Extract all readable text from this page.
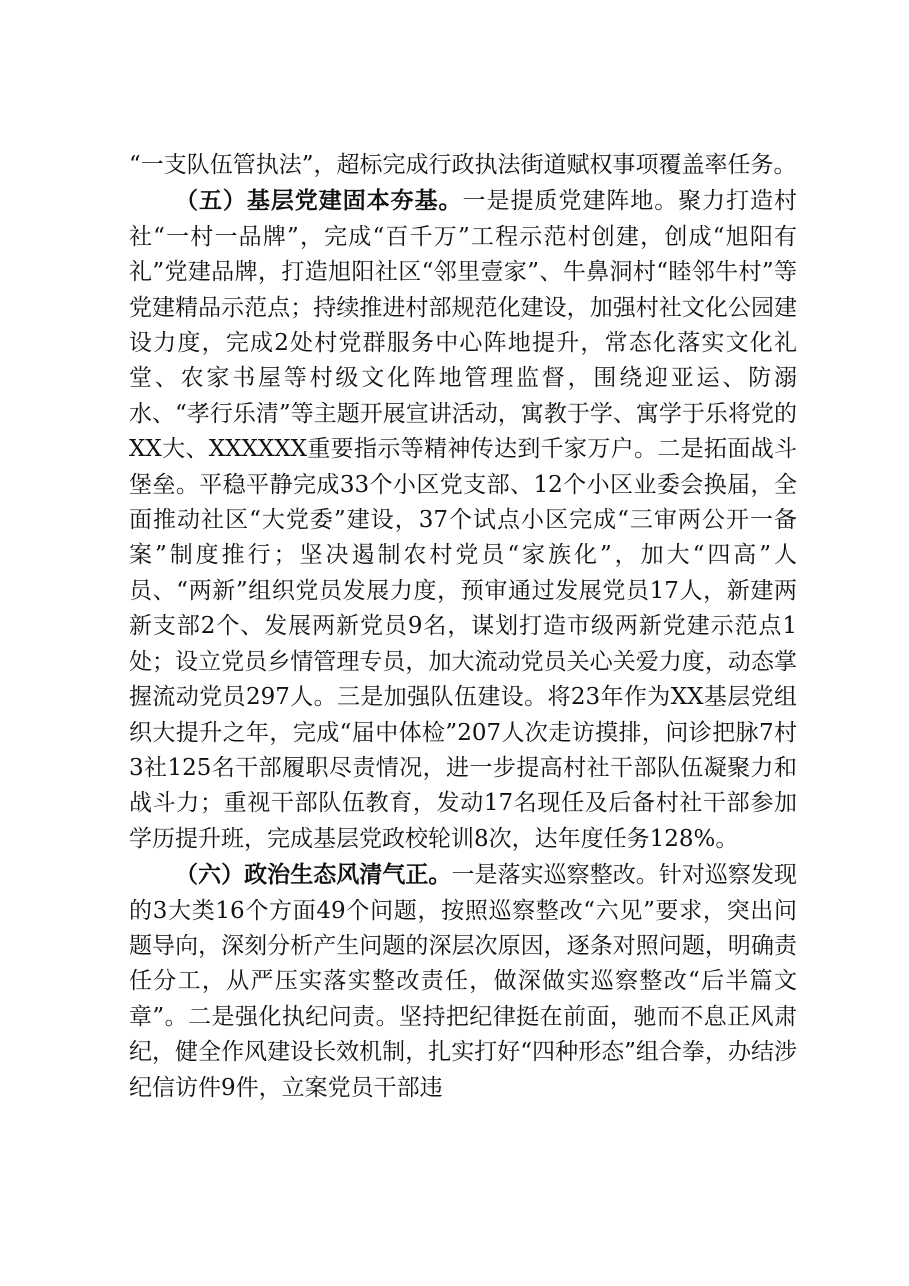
“一支队伍管执法”，超标完成行政执法街道赋权事项覆盖率任务。

（五）基层党建固本夯基。一是提质党建阵地。聚力打造村社“一村一品牌”，完成“百千万”工程示范村创建，创成“旭阳有礼”党建品牌，打造旭阳社区“邻里壹家”、牛鼻洞村“睦邻牛村”等党建精品示范点；持续推进村部规范化建设，加强村社文化公园建设力度，完成2处村党群服务中心阵地提升，常态化落实文化礼堂、农家书屋等村级文化阵地管理监督，围绕迎亚运、防溺水、“孝行乐清”等主题开展宣讲活动，寓教于学、寓学于乐将党的XX大、XXXXXX重要指示等精神传达到千家万户。二是拓面战斗堡垒。平稳平静完成33个小区党支部、12个小区业委会换届，全面推动社区“大党委”建设，37个试点小区完成“三审两公开一备案”制度推行；坚决遏制农村党员“家族化”，加大“四高”人员、“两新”组织党员发展力度，预审通过发展党员17人，新建两新支部2个、发展两新党员9名，谋划打造市级两新党建示范点1处；设立党员乡情管理专员，加大流动党员关心关爱力度，动态掌握流动党员297人。三是加强队伍建设。将23年作为XX基层党组织大提升之年，完成“届中体检”207人次走访摸排，问诊把脉7村3社125名干部履职尽责情况，进一步提高村社干部队伍凝聚力和战斗力；重视干部队伍教育，发动17名现任及后备村社干部参加学历提升班，完成基层党政校轮训8次，达年度任务128%。

（六）政治生态风清气正。一是落实巡察整改。针对巡察发现的3大类16个方面49个问题，按照巡察整改“六见”要求，突出问题导向，深刻分析产生问题的深层次原因，逐条对照问题，明确责任分工，从严压实落实整改责任，做深做实巡察整改“后半篇文章”。二是强化执纪问责。坚持把纪律挺在前面，驰而不息正风肃纪，健全作风建设长效机制，扎实打好“四种形态”组合拳，办结涉纪信访件9件，立案党员干部违
